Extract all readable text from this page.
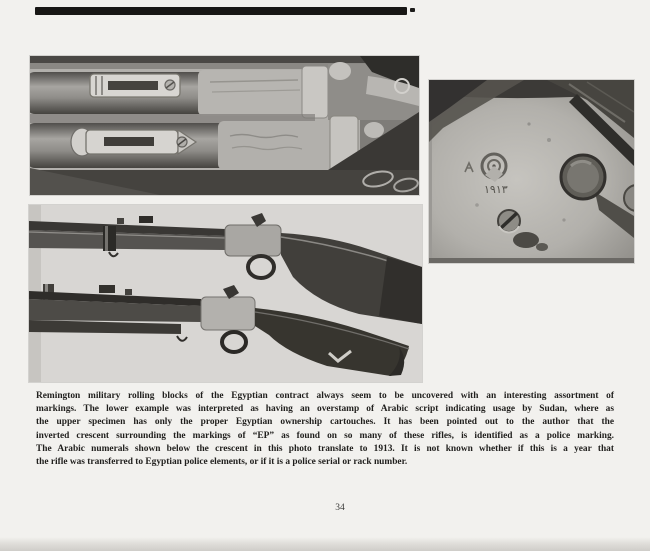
١٩١٣
Remington military rolling blocks of the Egyptian contract always seem to be uncovered with an interesting assortment of
markings. The lower example was interpreted as having an overstamp of Arabic script indicating usage by Sudan, where as
the upper specimen has only the proper Egyptian ownership cartouches. It has been pointed out to the author that the
inverted crescent surrounding the markings of “EP” as found on so many of these rifles, is identified as a police marking.
The Arabic numerals shown below the crescent in this photo translate to 1913. It is not known whether if this is a year that
the rifle was transferred to Egyptian police elements, or if it is a police serial or rack number.
34
